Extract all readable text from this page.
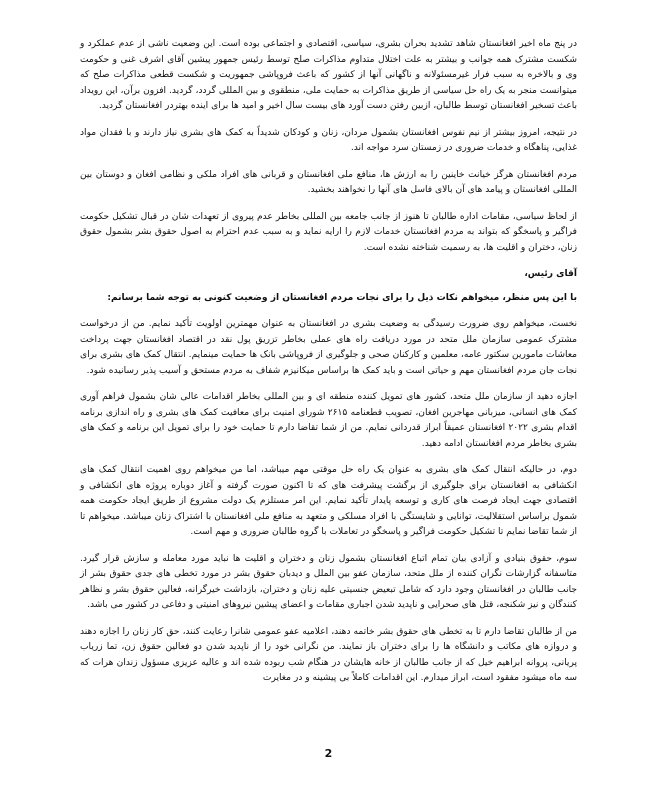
در پنج ماه اخیر افغانستان شاهد تشدید بحران بشری، سیاسی، اقتصادی و اجتماعی بوده است. این وضعیت ناشی از عدم عملکرد و شکست مشترک همه جوانب و بیشتر به علت اختلال متداوم مذاکرات صلح توسط رئیس جمهور پیشین آقای اشرف غنی و حکومت وی و بالاخره به سبب فرار غیرمسئولانه و ناگهانی آنها از کشور که باعث فروپاشی جمهوریت و شکست قطعی مذاکرات صلح که میتوانست منجر به یک راه حل سیاسی از طریق مذاکرات به حمایت ملی، منطقوی و بین المللی گردد، گردید. افزون برآن، این رویداد باعث تسخیر افغانستان توسط طالبان، ازبین رفتن دست آورد های بیست سال اخیر و امید ها برای اینده بهتردر افغانستان گردید.

در نتیجه، امروز بیشتر از نیم نفوس افغانستان بشمول مردان، زنان و کودکان شدیداً به کمک های بشری نیاز دارند و با فقدان مواد غذایی، پناهگاه و خدمات ضروری در زمستان سرد مواجه اند.

مردم افغانستان هرگز خیانت خاینین را به ارزش ها، منافع ملی افغانستان و قربانی های افراد ملکی و نظامی افغان و دوستان بین المللی افغانستان و پیامد های آن بالای فاسل های آنها را نخواهند بخشید.

از لحاظ سیاسی، مقامات اداره طالبان تا هنوز از جانب جامعه بین المللی بخاطر عدم پیروی از تعهدات شان در قبال تشکیل حکومت فراگیر و پاسخگو که بتواند به مردم افغانستان خدمات لازم را ارایه نماید و به سبب عدم احترام به اصول حقوق بشر بشمول حقوق زنان، دختران و اقلیت ها، به رسمیت شناخته نشده است.

آقای رئیس،

با این پس منظر، میخواهم نکات ذیل را برای نجات مردم افغانستان از وضعیت کنونی به توجه شما برسانم:

نخست، میخواهم روی ضرورت رسیدگی به وضعیت بشری در افغانستان به عنوان مهمترین اولویت تأکید نمایم. من از درخواست مشترک عمومی سازمان ملل متحد در مورد دریافت راه های عملی بخاطر تزریق پول نقد در اقتصاد افغانستان جهت پرداخت معاشات مامورین سکتور عامه، معلمین و کارکنان صحی و جلوگیری از فروپاشی بانک ها حمایت مینمایم. انتقال کمک های بشری برای نجات جان مردم افغانستان مهم و حیاتی است و باید کمک ها براساس میکانیزم شفاف به مردم مستحق و آسیب پذیر رسانیده شود.

اجازه دهید از سازمان ملل متحد، کشور های تمویل کننده منطقه ای و بین المللی بخاطر اقدامات عالی شان بشمول فراهم آوری کمک های انسانی، میزبانی مهاجرین افغان، تصویب قطعنامه ۲۶۱۵ شورای امنیت برای معافیت کمک های بشری و راه اندازی برنامه اقدام بشری ۲۰۲۲ افغانستان عمیقاً ابراز قدردانی نمایم. من از شما تقاضا دارم تا حمایت خود را برای تمویل این برنامه و کمک های بشری بخاطر مردم افغانستان ادامه دهید.

دوم، در حالیکه انتقال کمک های بشری به عنوان یک راه حل موقتی مهم میباشد، اما من میخواهم روی اهمیت انتقال کمک های انکشافی به افغانستان برای جلوگیری از برگشت پیشرفت های که تا اکنون صورت گرفته و آغاز دوباره پروژه های انکشافی و اقتصادی جهت ایجاد فرصت های کاری و توسعه پایدار تأکید نمایم. این امر مستلزم یک دولت مشروع از طریق ایجاد حکومت همه شمول براساس استقلالیت، توانایی و شایستگی با افراد مسلکی و متعهد به منافع ملی افغانستان با اشتراک زنان میباشد. میخواهم تا از شما تقاضا نمایم تا تشکیل حکومت فراگیر و پاسخگو در تعاملات با گروه طالبان ضروری و مهم است.

سوم، حقوق بنیادی و آزادی بیان تمام اتباع افغانستان بشمول زنان و دختران و اقلیت ها نباید مورد معامله و سازش قرار گیرد. متاسفانه گزارشات نگران کننده از ملل متحد، سازمان عفو بین الملل و دیدبان حقوق بشر در مورد تخطی های جدی حقوق بشر از جانب طالبان در افغانستان وجود دارد که شامل تبعیض جنسیتی علیه زنان و دختران، بازداشت خیرگرانه، فعالین حقوق بشر و نظاهر کنندگان و نیز شکنجه، قتل های صحرایی و ناپدید شدن اجباری مقامات و اعضای پیشین نیروهای امنیتی و دفاعی در کشور می باشد.

من از طالبان تقاضا دارم تا به تخطی های حقوق بشر خاتمه دهند، اعلامیه عفو عمومی شانرا رعایت کنند، حق کار زنان را اجازه دهند و دروازه های مکاتب و دانشگاه ها را برای دختران باز نمایند. من نگرانی خود را از ناپدید شدن دو فعالین حقوق زن، تما زریاب پریانی، پروانه ابراهیم خیل که از جانب طالبان از خانه هایشان در هنگام شب ربوده شده اند و عالیه عزیزی مسؤول زندان هرات که سه ماه میشود مفقود است، ابراز میدارم. این اقدامات کاملاً بی پیشینه و در مغایرت

2
